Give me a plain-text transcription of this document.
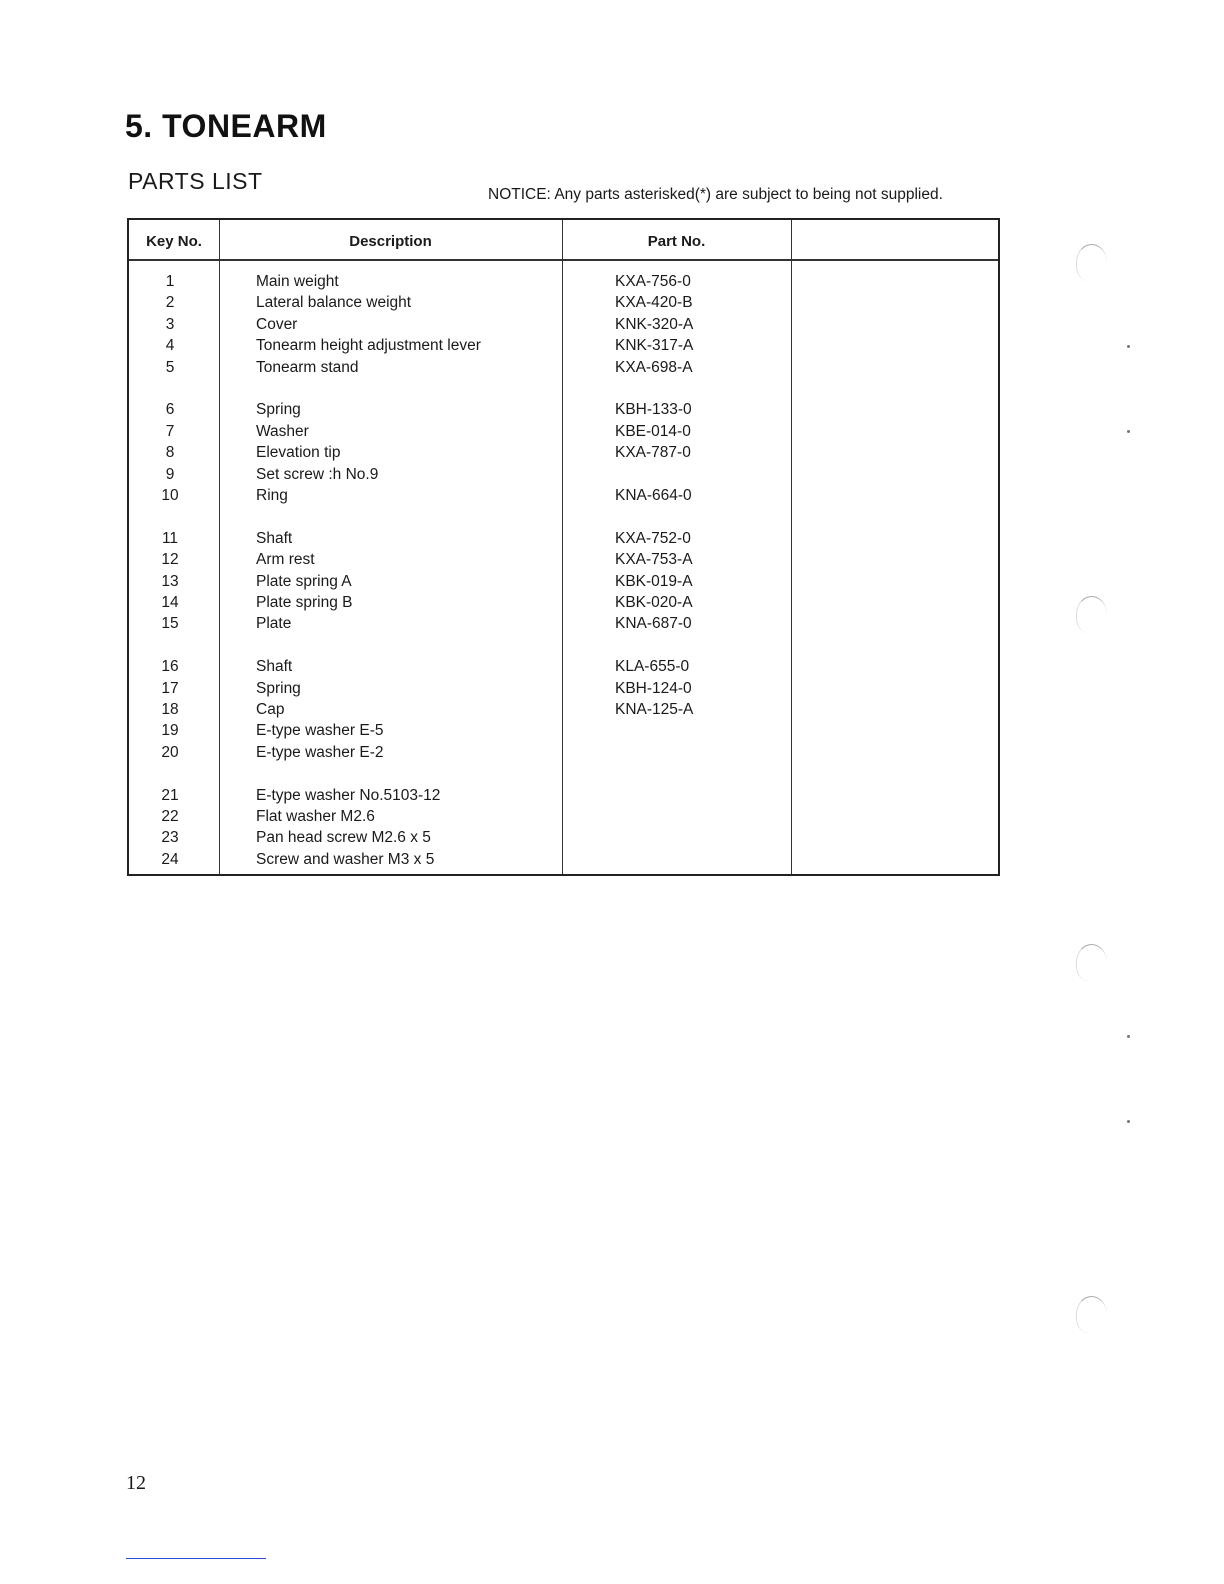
5. TONEARM
PARTS LIST
NOTICE: Any parts asterisked(*) are subject to being not supplied.
Key No.	Description	Part No.
1	Main weight	KXA-756-0
2	Lateral balance weight	KXA-420-B
3	Cover	KNK-320-A
4	Tonearm height adjustment lever	KNK-317-A
5	Tonearm stand	KXA-698-A
6	Spring	KBH-133-0
7	Washer	KBE-014-0
8	Elevation tip	KXA-787-0
9	Set screw :h No.9
10	Ring	KNA-664-0
11	Shaft	KXA-752-0
12	Arm rest	KXA-753-A
13	Plate spring A	KBK-019-A
14	Plate spring B	KBK-020-A
15	Plate	KNA-687-0
16	Shaft	KLA-655-0
17	Spring	KBH-124-0
18	Cap	KNA-125-A
19	E-type washer E-5
20	E-type washer E-2
21	E-type washer No.5103-12
22	Flat washer M2.6
23	Pan head screw M2.6 x 5
24	Screw and washer M3 x 5
12
